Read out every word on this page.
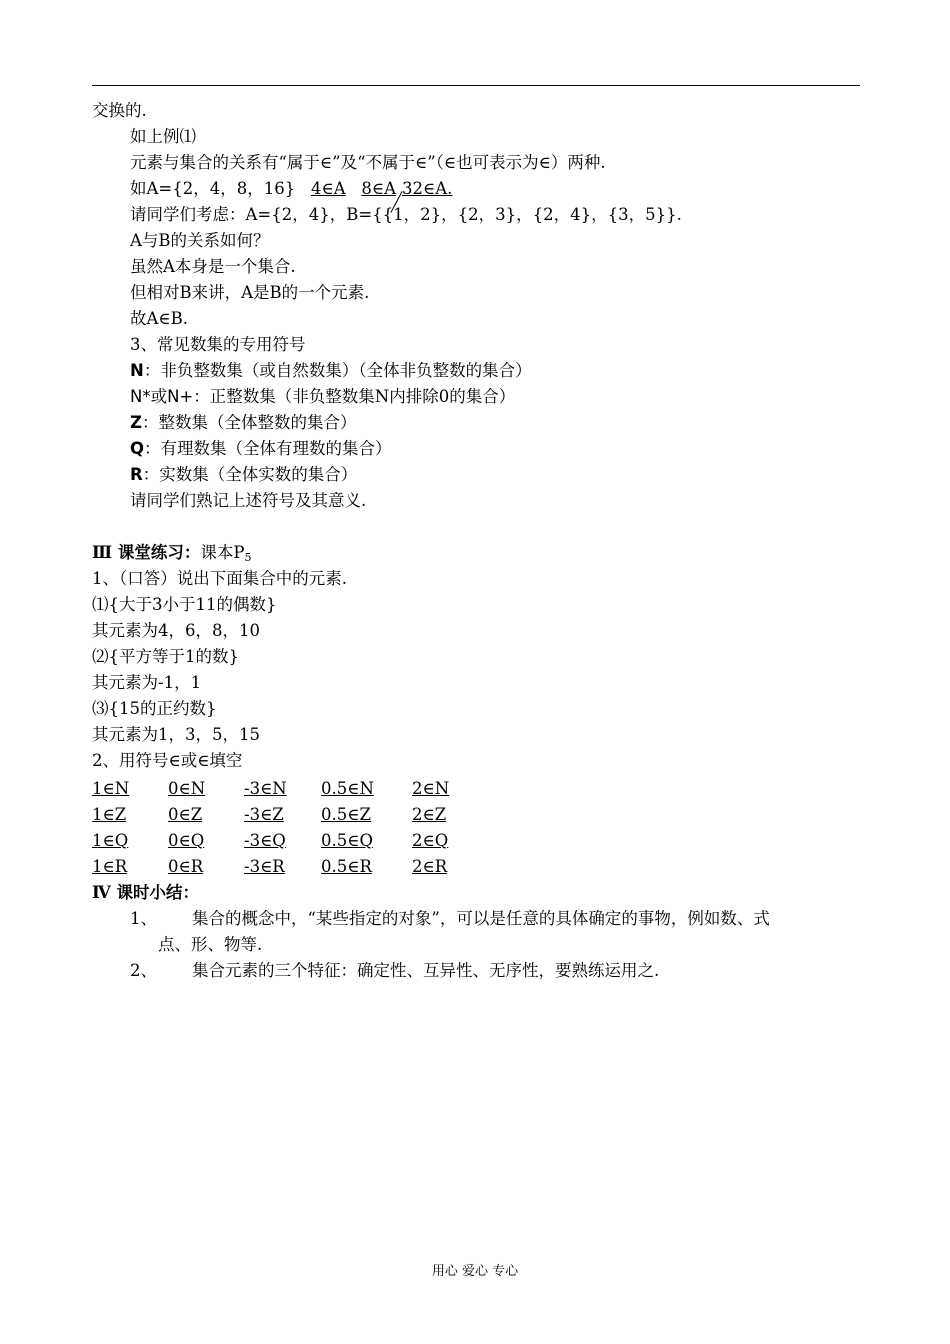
交换的.
如上例⑴
元素与集合的关系有“属于∈”及“不属于∈”（∈也可表示为∈）两种.
如A={2，4，8，16} 4∈A 8∈A 32∈A.
请同学们考虑：A={2，4}，B={{1，2}，{2，3}，{2，4}，{3，5}}.
A与B的关系如何？
虽然A本身是一个集合.
但相对B来讲，A是B的一个元素.
故A∈B.
3、常见数集的专用符号
N：非负整数集（或自然数集）（全体非负整数的集合）
N*或N+：正整数集（非负整数集N内排除0的集合）
Z：整数集（全体整数的集合）
Q：有理数集（全体有理数的集合）
R：实数集（全体实数的集合）
请同学们熟记上述符号及其意义.
Ⅲ 课堂练习：课本$P_5$
1、（口答）说出下面集合中的元素.
⑴{大于3小于11的偶数}
其元素为4，6，8，10
⑵{平方等于1的数}
其元素为-1，1
⑶{15的正约数}
其元素为1，3，5，15
2、用符号∈或∈填空
1∈N 0∈N -3∈N 0.5∈N 2∈N
1∈Z	0∈Z	-3∈Z 0.5∈Z 2∈Z
1∈Q 0∈Q -3∈Q 0.5∈Q 2∈Q
1∈R 0∈R -3∈R 0.5∈R 2∈R
Ⅳ 课时小结：
1、 集合的概念中，“某些指定的对象”，可以是任意的具体确定的事物，例如数、式
点、形、物等.
2、 集合元素的三个特征：确定性、互异性、无序性，要熟练运用之.
用心 爱心 专心
